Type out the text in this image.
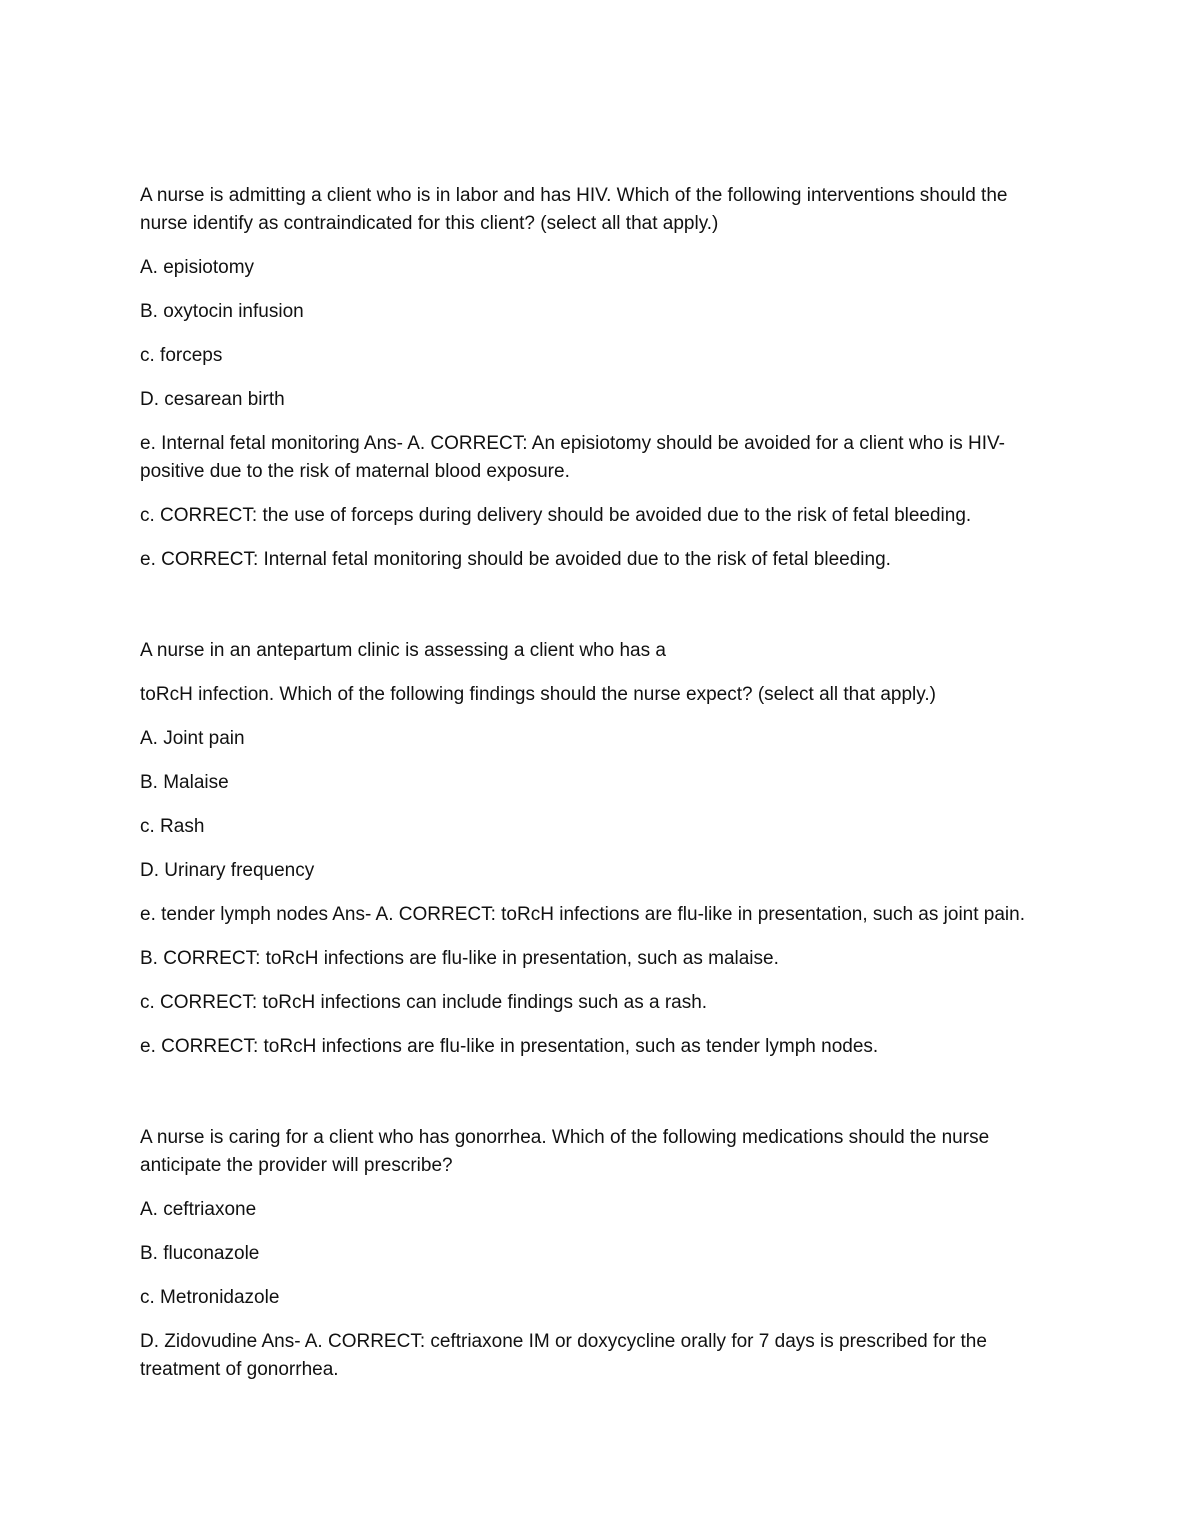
A nurse is admitting a client who is in labor and has HIV. Which of the following interventions should the nurse identify as contraindicated for this client? (select all that apply.)

A. episiotomy

B. oxytocin infusion

c. forceps

D. cesarean birth

e. Internal fetal monitoring Ans- A. CORRECT: An episiotomy should be avoided for a client who is HIV-positive due to the risk of maternal blood exposure.

c. CORRECT: the use of forceps during delivery should be avoided due to the risk of fetal bleeding.

e. CORRECT: Internal fetal monitoring should be avoided due to the risk of fetal bleeding.

A nurse in an antepartum clinic is assessing a client who has a

toRcH infection. Which of the following findings should the nurse expect? (select all that apply.)

A. Joint pain

B. Malaise

c. Rash

D. Urinary frequency

e. tender lymph nodes Ans- A. CORRECT: toRcH infections are flu-like in presentation, such as joint pain.

B. CORRECT: toRcH infections are flu-like in presentation, such as malaise.

c. CORRECT: toRcH infections can include findings such as a rash.

e. CORRECT: toRcH infections are flu-like in presentation, such as tender lymph nodes.

A nurse is caring for a client who has gonorrhea. Which of the following medications should the nurse anticipate the provider will prescribe?

A. ceftriaxone

B. fluconazole

c. Metronidazole

D. Zidovudine Ans- A. CORRECT: ceftriaxone IM or doxycycline orally for 7 days is prescribed for the treatment of gonorrhea.
